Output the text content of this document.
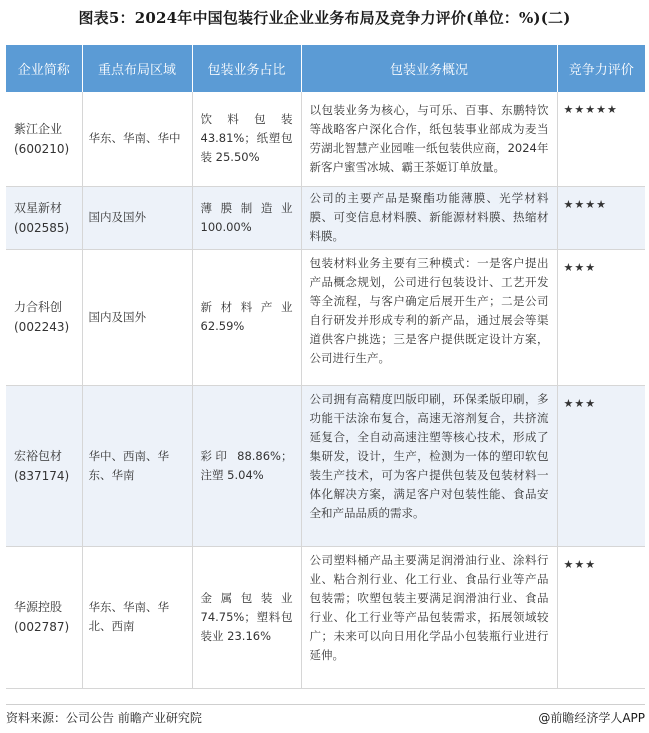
图表5：2024年中国包装行业企业业务布局及竞争力评价(单位：%)(二)
企业简称	重点布局区域	包装业务占比	包装业务概况	竞争力评价
紫江企业
(600210)	华东、华南、华中	饮料包装 43.81%；纸塑包装 25.50%	以包装业务为核心，与可乐、百事、东鹏特饮等战略客户深化合作，纸包装事业部成为麦当劳湖北智慧产业园唯一纸包装供应商，2024年新客户蜜雪冰城、霸王茶姬订单放量。	★★★★★
双星新材
(002585)	国内及国外	薄膜制造业 100.00%	公司的主要产品是聚酯功能薄膜、光学材料膜、可变信息材料膜、新能源材料膜、热缩材料膜。	★★★★
力合科创
(002243)	国内及国外	新材料产业 62.59%	包装材料业务主要有三种模式：一是客户提出产品概念规划，公司进行包装设计、工艺开发等全流程，与客户确定后展开生产；二是公司自行研发并形成专利的新产品，通过展会等渠道供客户挑选；三是客户提供既定设计方案，公司进行生产。	★★★
宏裕包材
(837174)	华中、西南、华东、华南	彩印 88.86%；注塑 5.04%	公司拥有高精度凹版印刷，环保柔版印刷，多功能干法涂布复合，高速无溶剂复合，共挤流延复合，全自动高速注塑等核心技术，形成了集研发，设计，生产，检测为一体的塑印软包装生产技术，可为客户提供包装及包装材料一体化解决方案，满足客户对包装性能、食品安全和产品品质的需求。	★★★
华源控股
(002787)	华东、华南、华北、西南	金属包装业 74.75%；塑料包装业 23.16%	公司塑料桶产品主要满足润滑油行业、涂料行业、粘合剂行业、化工行业、食品行业等产品包装需；吹塑包装主要满足润滑油行业、食品行业、化工行业等产品包装需求，拓展领域较广；未来可以向日用化学品小包装瓶行业进行延伸。	★★★
资料来源：公司公告 前瞻产业研究院	@前瞻经济学人APP
